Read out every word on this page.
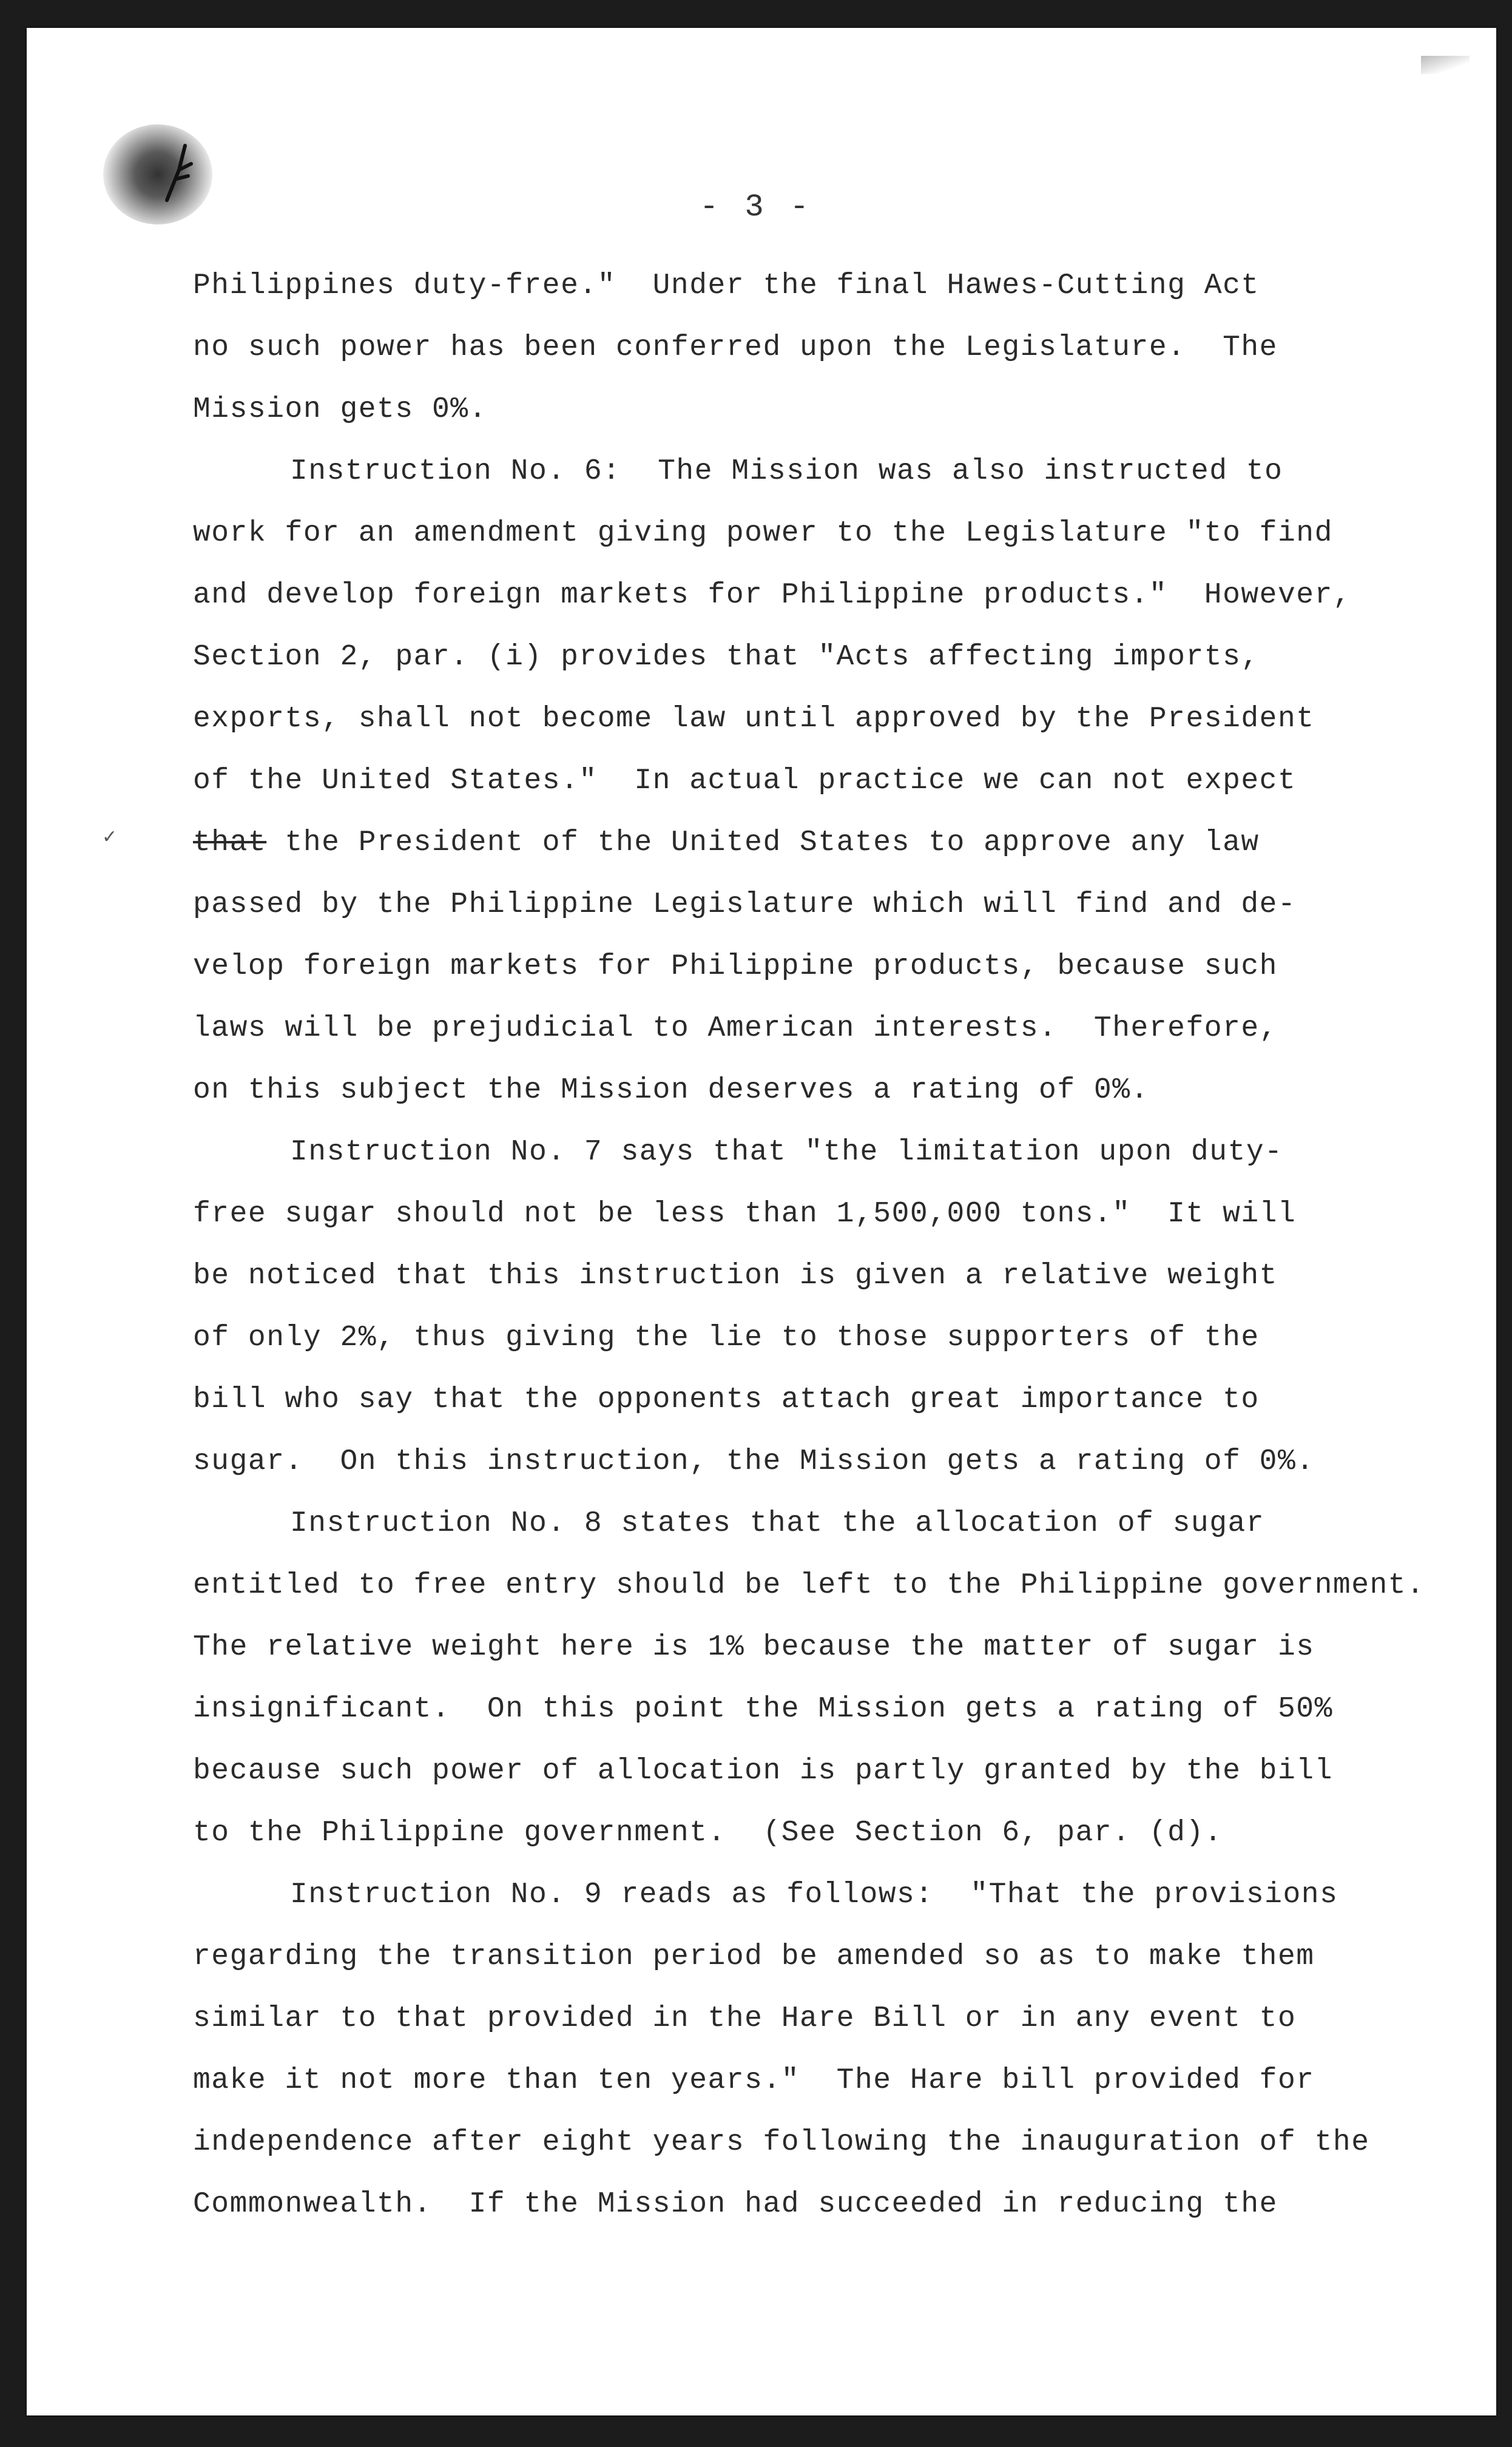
- 3 -
✓
Philippines duty-free."  Under the final Hawes-Cutting Act
no such power has been conferred upon the Legislature.  The
Mission gets 0%.
Instruction No. 6:  The Mission was also instructed to
work for an amendment giving power to the Legislature "to find
and develop foreign markets for Philippine products."  However,
Section 2, par. (i) provides that "Acts affecting imports,
exports, shall not become law until approved by the President
of the United States."  In actual practice we can not expect
that the President of the United States to approve any law
passed by the Philippine Legislature which will find and de-
velop foreign markets for Philippine products, because such
laws will be prejudicial to American interests.  Therefore,
on this subject the Mission deserves a rating of 0%.
Instruction No. 7 says that "the limitation upon duty-
free sugar should not be less than 1,500,000 tons."  It will
be noticed that this instruction is given a relative weight
of only 2%, thus giving the lie to those supporters of the
bill who say that the opponents attach great importance to
sugar.  On this instruction, the Mission gets a rating of 0%.
Instruction No. 8 states that the allocation of sugar
entitled to free entry should be left to the Philippine government.
The relative weight here is 1% because the matter of sugar is
insignificant.  On this point the Mission gets a rating of 50%
because such power of allocation is partly granted by the bill
to the Philippine government.  (See Section 6, par. (d).
Instruction No. 9 reads as follows:  "That the provisions
regarding the transition period be amended so as to make them
similar to that provided in the Hare Bill or in any event to
make it not more than ten years."  The Hare bill provided for
independence after eight years following the inauguration of the
Commonwealth.  If the Mission had succeeded in reducing the
